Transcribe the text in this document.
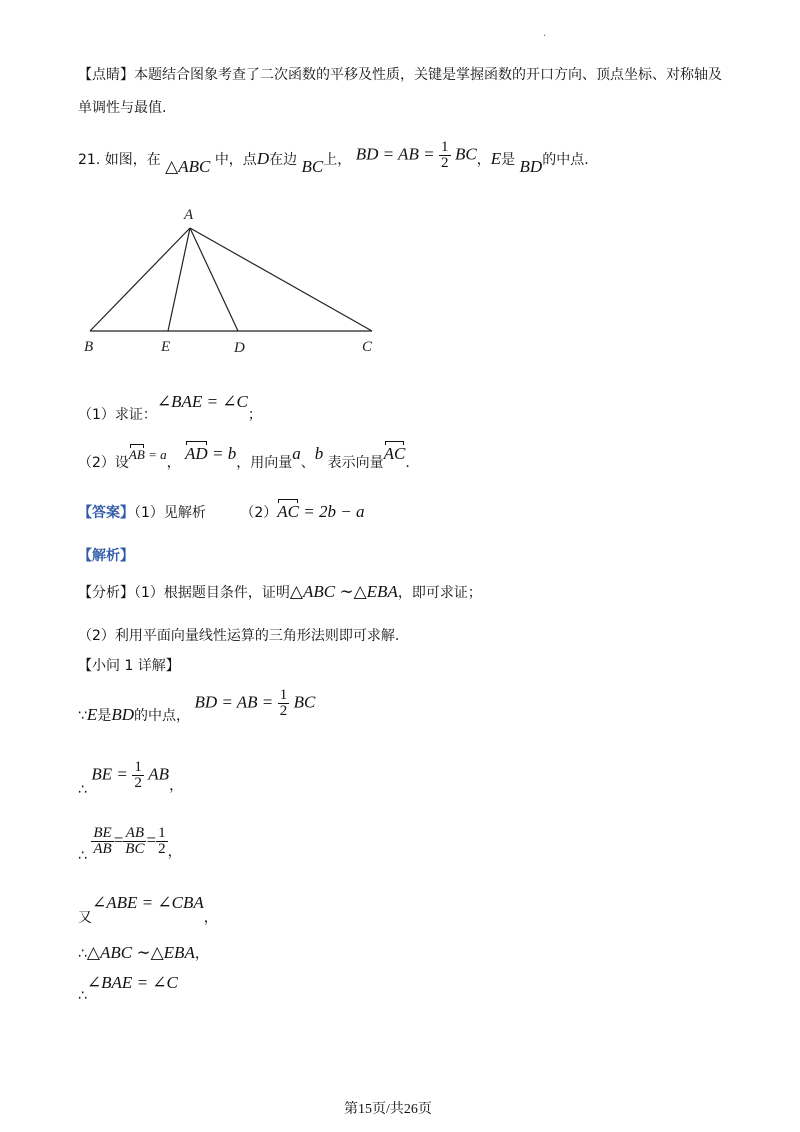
.
【点睛】本题结合图象考查了二次函数的平移及性质，关键是掌握函数的开口方向、顶点坐标、对称轴及
单调性与最值.
21. 如图，在 △ABC 中，点D在边 BC上， BD = AB = $\frac{1}{2}$ BC，E是 BD的中点.
A
B	E	D	C
（1）求证：∠BAE = ∠C；
（2）设AB = a， AD = b，用向量a、b 表示向量AC.
【答案】（1）见解析 （2）AC = 2b − a
【解析】
【分析】（1）根据题目条件，证明△ABC ∼△EBA，即可求证；
（2）利用平面向量线性运算的三角形法则即可求解.
【小问 1 详解】
∵E是BD的中点， BD = AB = $\frac{1}{2}$ BC
∴ BE = $\frac{1}{2}$ AB，
∴ $\frac{BE}{AB} = \frac{AB}{BC} = \frac{1}{2}$ ，
又∠ABE = ∠CBA，
∴△ABC ∼△EBA，
∴∠BAE = ∠C
第15页/共26页
